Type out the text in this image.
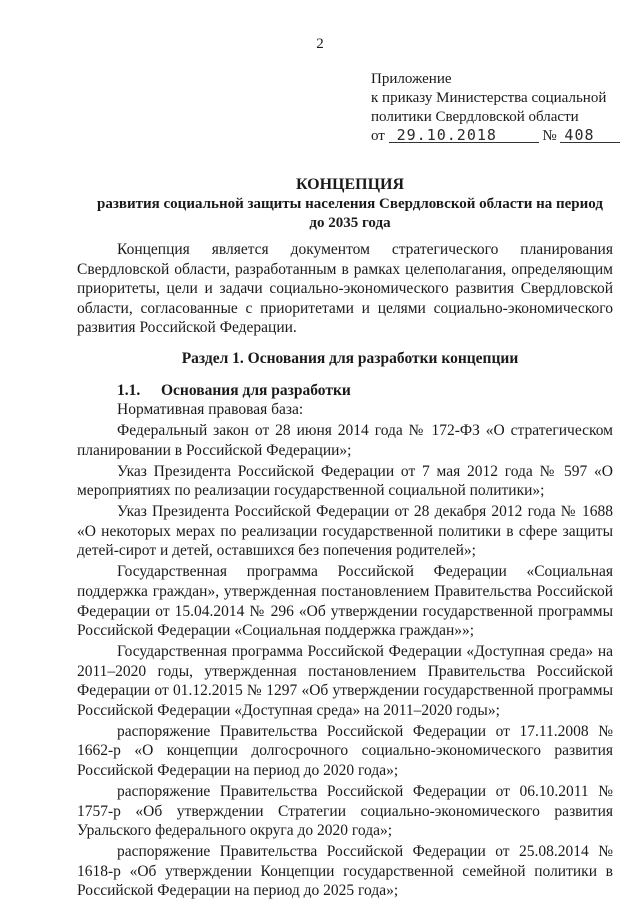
2
Приложение
к приказу Министерства социальной
политики Свердловской области
от 29.10.2018	№ 408
КОНЦЕПЦИЯ
развития социальной защиты населения Свердловской области на период до 2035 года

Концепция является документом стратегического планирования Свердловской области, разработанным в рамках целеполагания, определяющим приоритеты, цели и задачи социально-экономического развития Свердловской области, согласованные с приоритетами и целями социально-экономического развития Российской Федерации.

Раздел 1. Основания для разработки концепции
1.1. Основания для разработки

Нормативная правовая база:

Федеральный закон от 28 июня 2014 года № 172-ФЗ «О стратегическом планировании в Российской Федерации»;

Указ Президента Российской Федерации от 7 мая 2012 года № 597 «О мероприятиях по реализации государственной социальной политики»;

Указ Президента Российской Федерации от 28 декабря 2012 года № 1688 «О некоторых мерах по реализации государственной политики в сфере защиты детей-сирот и детей, оставшихся без попечения родителей»;

Государственная программа Российской Федерации «Социальная поддержка граждан», утвержденная постановлением Правительства Российской Федерации от 15.04.2014 № 296 «Об утверждении государственной программы Российской Федерации «Социальная поддержка граждан»»;

Государственная программа Российской Федерации «Доступная среда» на 2011–2020 годы, утвержденная постановлением Правительства Российской Федерации от 01.12.2015 № 1297 «Об утверждении государственной программы Российской Федерации «Доступная среда» на 2011–2020 годы»;

распоряжение Правительства Российской Федерации от 17.11.2008 № 1662-р «О концепции долгосрочного социально-экономического развития Российской Федерации на период до 2020 года»;

распоряжение Правительства Российской Федерации от 06.10.2011 № 1757-р «Об утверждении Стратегии социально-экономического развития Уральского федерального округа до 2020 года»;

распоряжение Правительства Российской Федерации от 25.08.2014 № 1618-р «Об утверждении Концепции государственной семейной политики в Российской Федерации на период до 2025 года»;
